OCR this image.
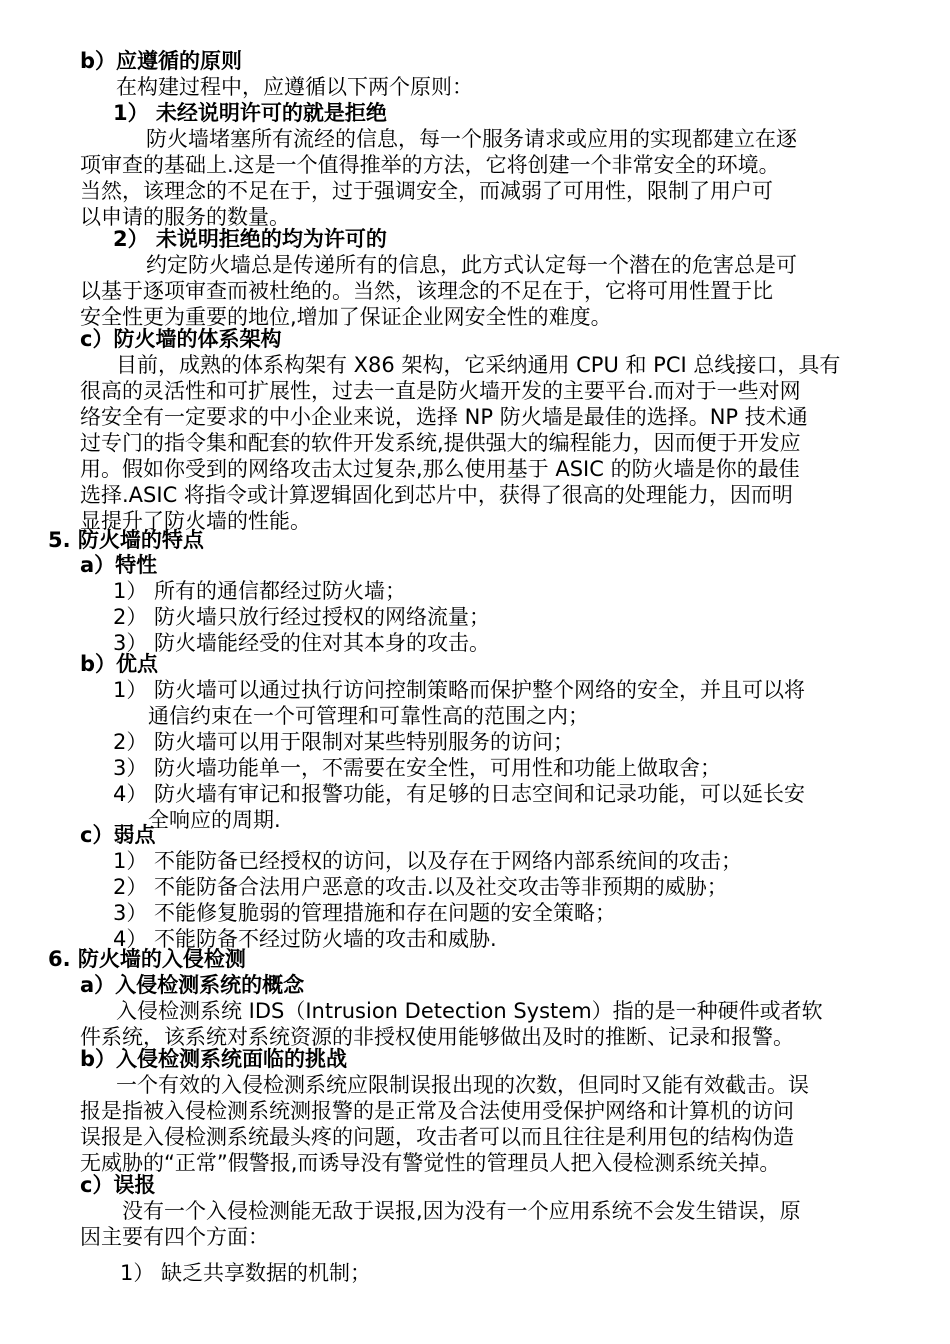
b）应遵循的原则
在构建过程中，应遵循以下两个原则：
1） 未经说明许可的就是拒绝
防火墙堵塞所有流经的信息，每一个服务请求或应用的实现都建立在逐
项审查的基础上.这是一个值得推举的方法，它将创建一个非常安全的环境。
当然，该理念的不足在于，过于强调安全，而减弱了可用性，限制了用户可
以申请的服务的数量。
2） 未说明拒绝的均为许可的
约定防火墙总是传递所有的信息，此方式认定每一个潜在的危害总是可
以基于逐项审查而被杜绝的。当然，该理念的不足在于，它将可用性置于比
安全性更为重要的地位,增加了保证企业网安全性的难度。
c）防火墙的体系架构
目前，成熟的体系构架有 X86 架构，它采纳通用 CPU 和 PCI 总线接口，具有
很高的灵活性和可扩展性，过去一直是防火墙开发的主要平台.而对于一些对网
络安全有一定要求的中小企业来说，选择 NP 防火墙是最佳的选择。NP 技术通
过专门的指令集和配套的软件开发系统,提供强大的编程能力，因而便于开发应
用。假如你受到的网络攻击太过复杂,那么使用基于 ASIC 的防火墙是你的最佳
选择.ASIC 将指令或计算逻辑固化到芯片中，获得了很高的处理能力，因而明
显提升了防火墙的性能。
5. 防火墙的特点
a）特性
1） 所有的通信都经过防火墙；
2） 防火墙只放行经过授权的网络流量；
3） 防火墙能经受的住对其本身的攻击。
b）优点
1） 防火墙可以通过执行访问控制策略而保护整个网络的安全，并且可以将
通信约束在一个可管理和可靠性高的范围之内；
2） 防火墙可以用于限制对某些特别服务的访问；
3） 防火墙功能单一，不需要在安全性，可用性和功能上做取舍；
4） 防火墙有审记和报警功能，有足够的日志空间和记录功能，可以延长安
全响应的周期.
c）弱点
1） 不能防备已经授权的访问，以及存在于网络内部系统间的攻击；
2） 不能防备合法用户恶意的攻击.以及社交攻击等非预期的威胁；
3） 不能修复脆弱的管理措施和存在问题的安全策略；
4） 不能防备不经过防火墙的攻击和威胁.
6. 防火墙的入侵检测
a）入侵检测系统的概念
入侵检测系统 IDS（Intrusion Detection System）指的是一种硬件或者软
件系统，该系统对系统资源的非授权使用能够做出及时的推断、记录和报警。
b）入侵检测系统面临的挑战
一个有效的入侵检测系统应限制误报出现的次数，但同时又能有效截击。误
报是指被入侵检测系统测报警的是正常及合法使用受保护网络和计算机的访问
误报是入侵检测系统最头疼的问题，攻击者可以而且往往是利用包的结构伪造
无威胁的“正常”假警报,而诱导没有警觉性的管理员人把入侵检测系统关掉。
c）误报
没有一个入侵检测能无敌于误报,因为没有一个应用系统不会发生错误，原
因主要有四个方面：
1） 缺乏共享数据的机制；
